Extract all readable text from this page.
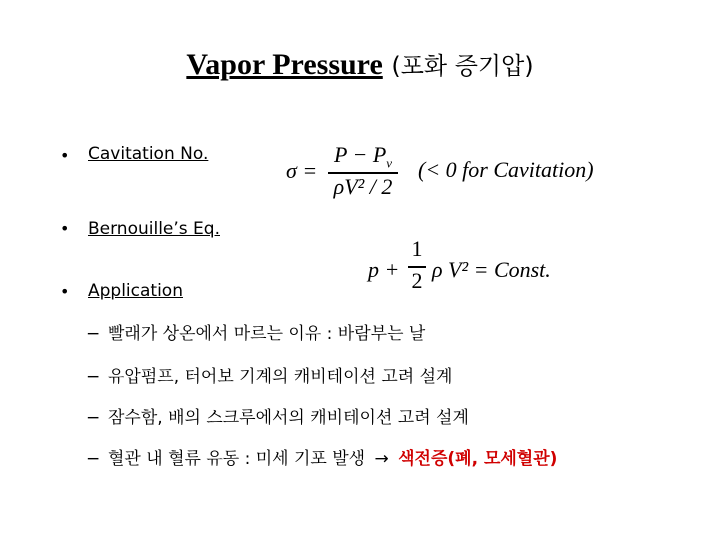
Vapor Pressure (포화 증기압)
• Cavitation No.
σ =
$P - P_v$
ρV² / 2
(< 0 for Cavitation)
• Bernouille’s Eq.
p +
1
2 ρ V² = Const.
• Application
− 빨래가 상온에서 마르는 이유 : 바람부는 날
− 유압펌프, 터어보 기계의 캐비테이션 고려 설계
− 잠수함, 배의 스크루에서의 캐비테이션 고려 설계
− 혈관 내 혈류 유동 : 미세 기포 발생 → 색전증(폐, 모세혈관)
